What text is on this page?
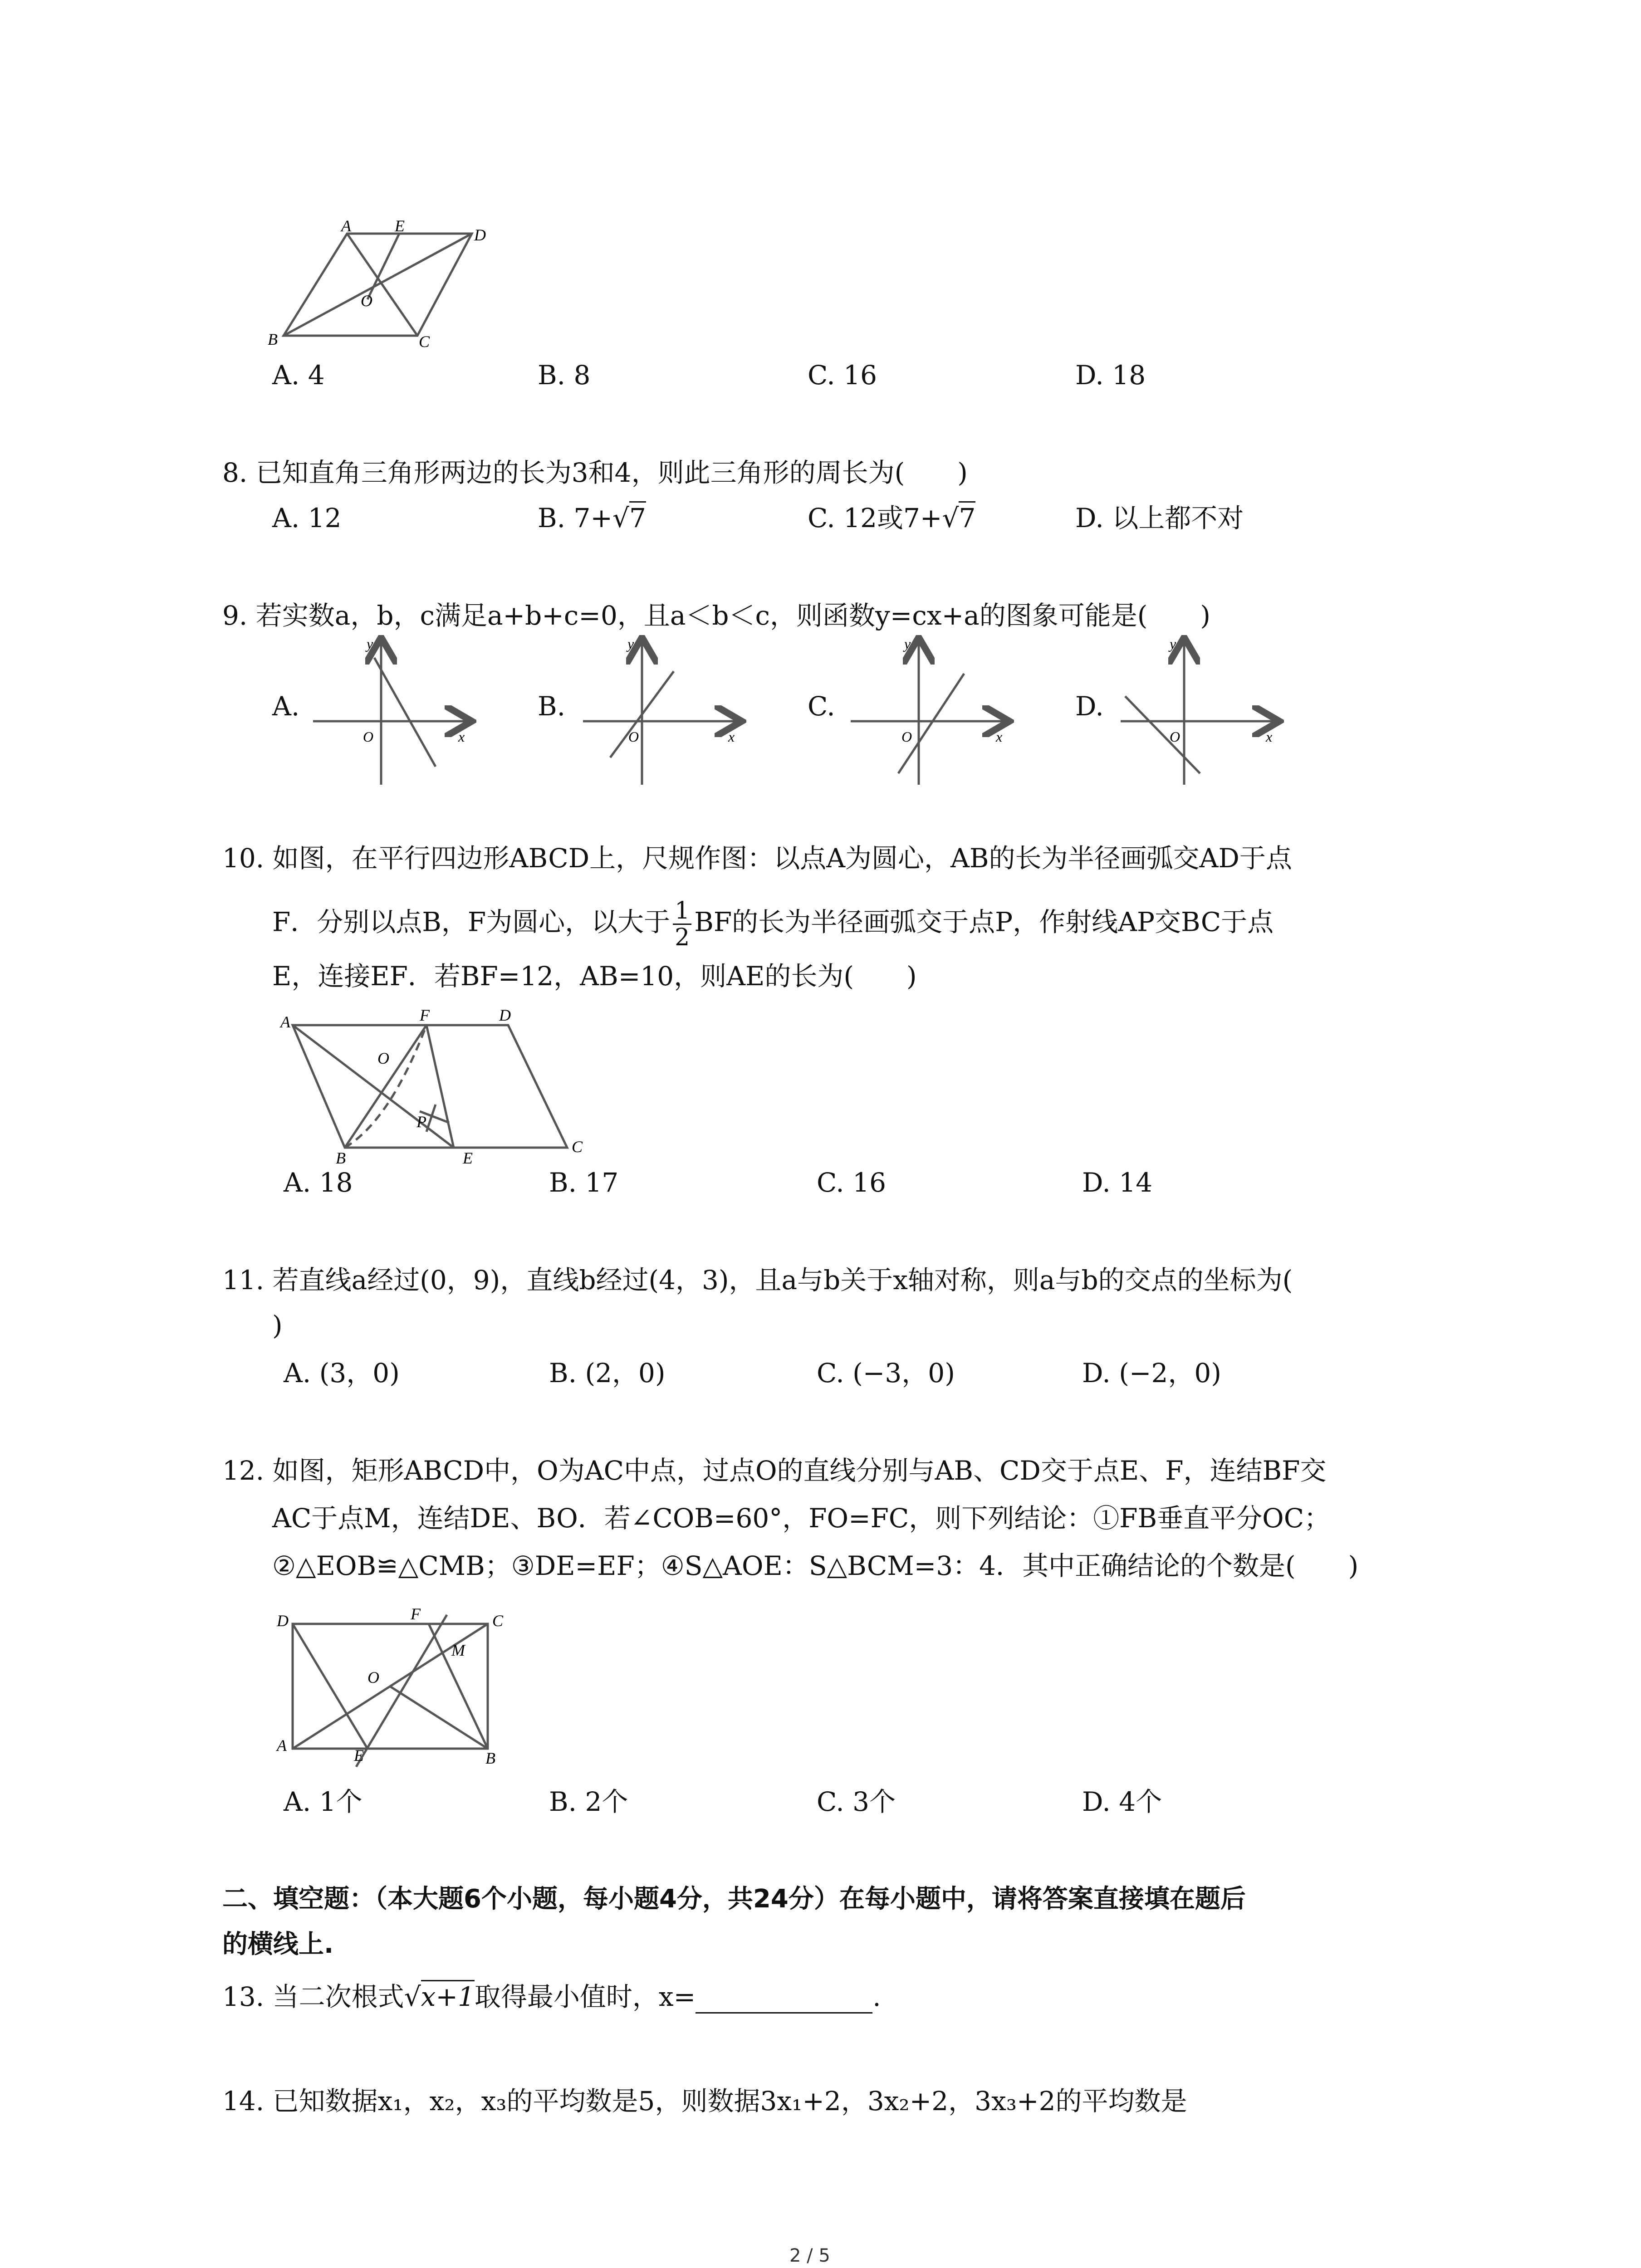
A	E	D
O
B	C
A. 4	B. 8	C. 16	D. 18
8. 已知直角三角形两边的长为3和4，则此三角形的周长为(　　)
A. 12	B. 7+√7	C. 12或7+√7	D. 以上都不对
9. 若实数a，b，c满足a+b+c=0，且a＜b＜c，则函数y=cx+a的图象可能是(　　)
A.
y
x
O
B.
y
x
O
C.
y
x
O
D.
y
x
O
10. 如图，在平行四边形ABCD上，尺规作图：以点A为圆心，AB的长为半径画弧交AD于点
F．分别以点B，F为圆心，以大于 $\frac{1}{2}$ BF的长为半径画弧交于点P，作射线AP交BC于点
E，连接EF．若BF=12，AB=10，则AE的长为(　　)
A	F	D
O
P
B	E
C
A. 18	B. 17	C. 16	D. 14
11. 若直线a经过(0，9)，直线b经过(4，3)，且a与b关于x轴对称，则a与b的交点的坐标为(
)
A. (3，0)	B. (2，0)	C. (−3，0)	D. (−2，0)
12. 如图，矩形ABCD中，O为AC中点，过点O的直线分别与AB、CD交于点E、F，连结BF交
AC于点M，连结DE、BO．若∠COB=60°，FO=FC，则下列结论：①FB垂直平分OC；
②△EOB≌△CMB；③DE=EF；④S△AOE：S△BCM=3：4．其中正确结论的个数是(　　)
D	F	C
M
O
A
E	B
A. 1个	B. 2个	C. 3个	D. 4个
二、填空题：（本大题6个小题，每小题4分，共24分）在每小题中，请将答案直接填在题后
的横线上.
13. 当二次根式√x+1取得最小值时，x=	.
14. 已知数据x₁，x₂，x₃的平均数是5，则数据3x₁+2，3x₂+2，3x₃+2的平均数是
2 / 5
